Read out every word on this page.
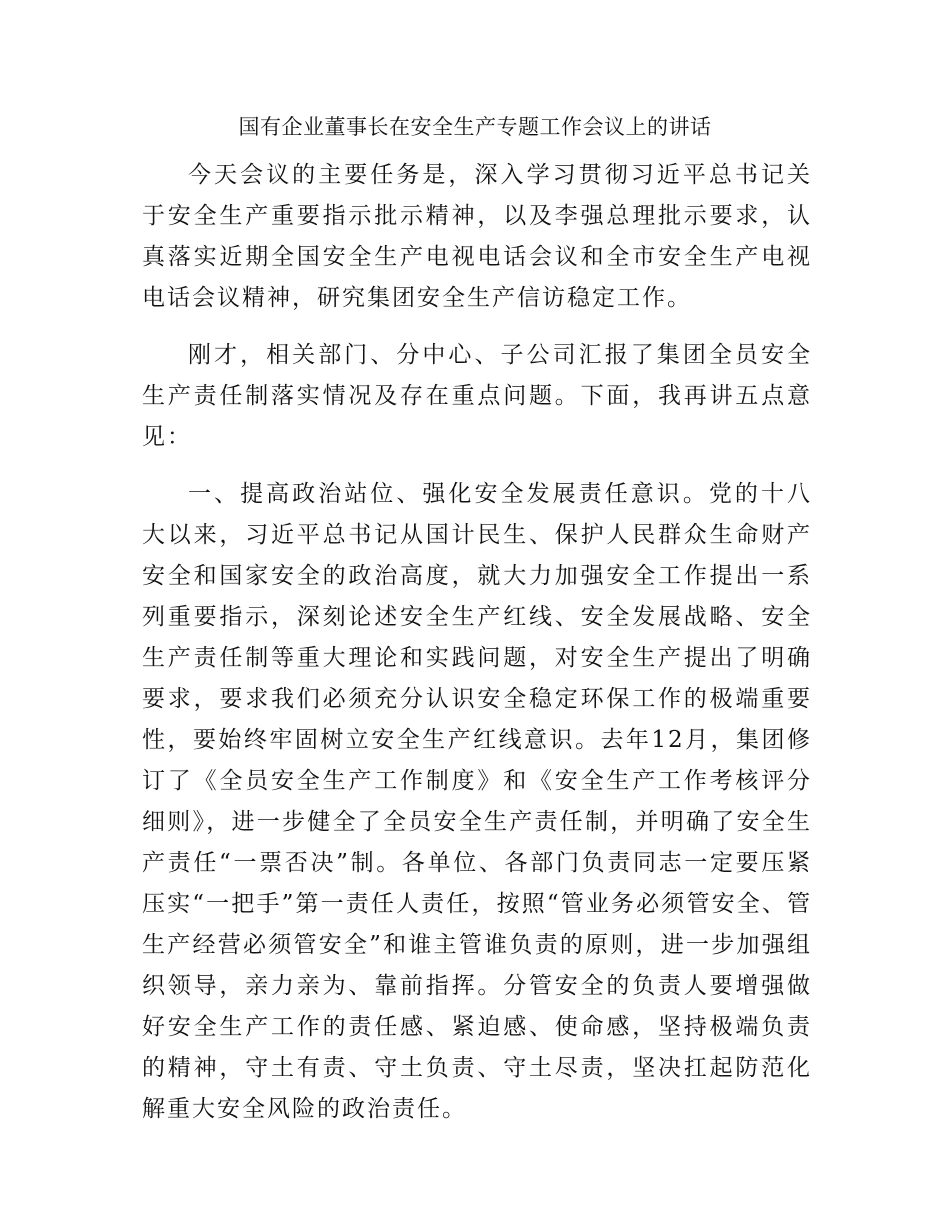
国有企业董事长在安全生产专题工作会议上的讲话

今天会议的主要任务是，深入学习贯彻习近平总书记关于安全生产重要指示批示精神，以及李强总理批示要求，认真落实近期全国安全生产电视电话会议和全市安全生产电视电话会议精神，研究集团安全生产信访稳定工作。

刚才，相关部门、分中心、子公司汇报了集团全员安全生产责任制落实情况及存在重点问题。下面，我再讲五点意见：

一、提高政治站位、强化安全发展责任意识。党的十八大以来，习近平总书记从国计民生、保护人民群众生命财产安全和国家安全的政治高度，就大力加强安全工作提出一系列重要指示，深刻论述安全生产红线、安全发展战略、安全生产责任制等重大理论和实践问题，对安全生产提出了明确要求，要求我们必须充分认识安全稳定环保工作的极端重要性，要始终牢固树立安全生产红线意识。去年12月，集团修订了《全员安全生产工作制度》和《安全生产工作考核评分细则》，进一步健全了全员安全生产责任制，并明确了安全生产责任“一票否决”制。各单位、各部门负责同志一定要压紧压实“一把手”第一责任人责任，按照“管业务必须管安全、管生产经营必须管安全”和谁主管谁负责的原则，进一步加强组织领导，亲力亲为、靠前指挥。分管安全的负责人要增强做好安全生产工作的责任感、紧迫感、使命感，坚持极端负责的精神，守土有责、守土负责、守土尽责，坚决扛起防范化解重大安全风险的政治责任。
